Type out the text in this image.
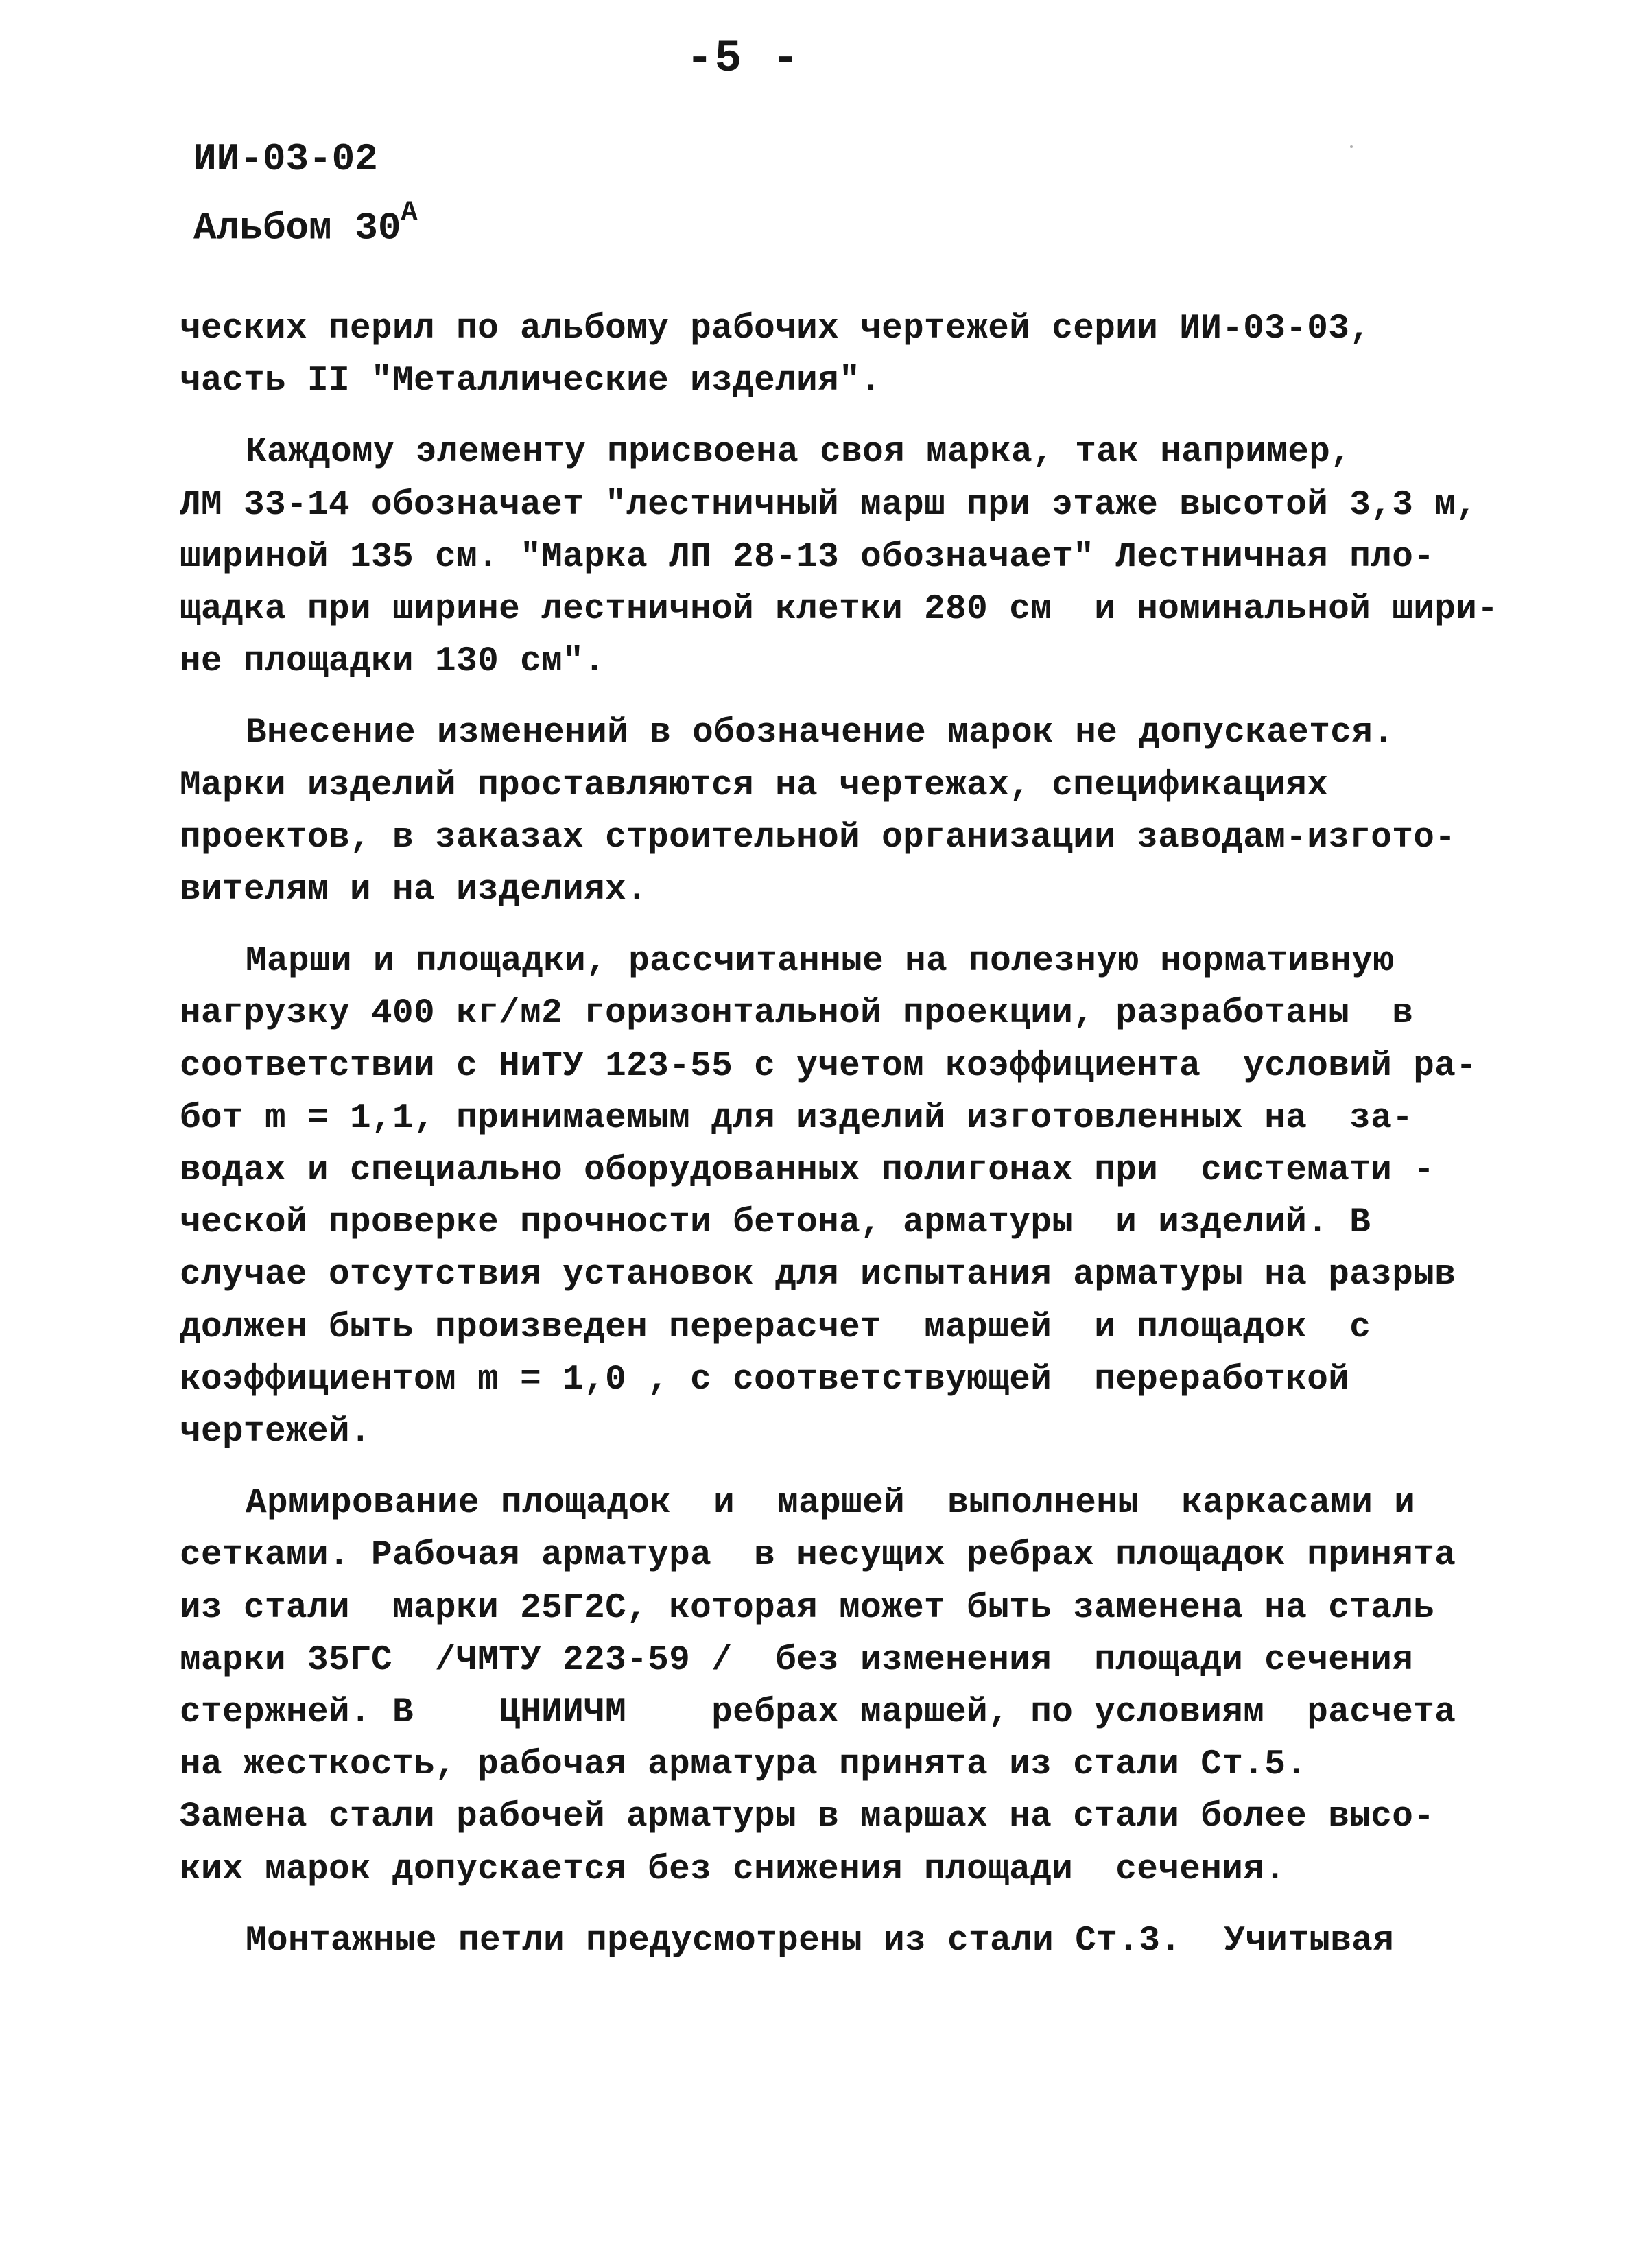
-5 -
ИИ-03-02
Альбом $30^А$

ческих перил по альбому рабочих чертежей серии ИИ-03-03,
часть II "Металлические изделия".

Каждому элементу присвоена своя марка, так например,
ЛМ 33-14 обозначает "лестничный марш при этаже высотой 3,3 м,
шириной 135 см. "Марка ЛП 28-13 обозначает" Лестничная пло-
щадка при ширине лестничной клетки 280 см  и номинальной шири-
не площадки 130 см".

Внесение изменений в обозначение марок не допускается.
Марки изделий проставляются на чертежах, спецификациях
проектов, в заказах строительной организации заводам-изгото-
вителям и на изделиях.

Марши и площадки, рассчитанные на полезную нормативную
нагрузку 400 кг/м2 горизонтальной проекции, разработаны  в
соответствии с НиТУ 123-55 с учетом коэффициента  условий ра-
бот m = 1,1, принимаемым для изделий изготовленных на  за-
водах и специально оборудованных полигонах при  системати -
ческой проверке прочности бетона, арматуры  и изделий. В
случае отсутствия установок для испытания арматуры на разрыв
должен быть произведен перерасчет  маршей  и площадок  с
коэффициентом m = 1,0 , с соответствующей  переработкой
чертежей.

Армирование площадок  и  маршей  выполнены  каркасами и
сетками. Рабочая арматура  в несущих ребрах площадок принята
из стали  марки 25Г2С, которая может быть заменена на сталь
марки 35ГС  /ЧМТУ 223-59 /  без изменения  площади сечения
стержней. В    ЦНИИЧМ    ребрах маршей, по условиям  расчета
на жесткость, рабочая арматура принята из стали Ст.5.
Замена стали рабочей арматуры в маршах на стали более высо-
ких марок допускается без снижения площади  сечения.

Монтажные петли предусмотрены из стали Ст.3.  Учитывая
